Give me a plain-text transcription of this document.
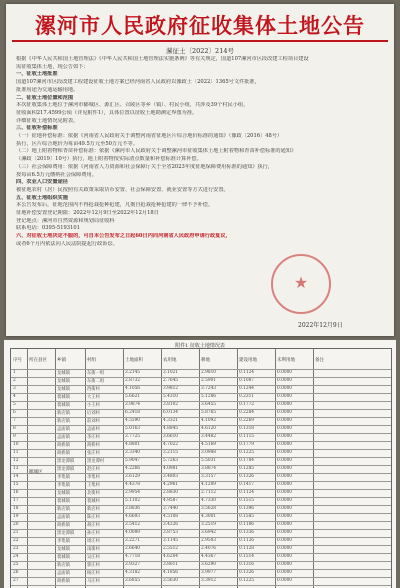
漯河市人民政府征收集体土地公告
漯征土〔2022〕214号

根据《中华人民共和国土地管理法》《中华人民共和国土地管理法实施条例》等有关规定，国道107漯河市区段改建工程项目建设

需征收集体土地，现公告如下：

一、征收土地批准

国道107漯河市区段改建工程建设征收土地方案已经河南省人民政府以豫政土〔2022〕1365号文件批准，

批准用途为交通运输用地。

二、征收土地位置和范围

本次征收集体土地位于漯河市郾城区、源汇区、召陵区等乡（镇）、村民小组，共涉及39个村民小组，

征收面积217.4599公顷（详见附件1），具体位置以征收土地勘测定界图为准。

详细征收土地情况见附表。

三、征收补偿标准

（一）征地补偿标准：依据《河南省人民政府关于调整河南省征地区片综合地价标准的通知》（豫政〔2016〕48号）

执行，区片综合地价为每亩49.5万元至50万元不等。

（二）地上附着物和青苗补偿标准：依据《漯河市人民政府关于调整漯河市征收集体土地上附着物和青苗补偿标准的通知》

（漯政〔2019〕10号）执行，地上附着物按实际清点数量和补偿标准计算补偿。

（三）社会保障费用：依据《河南省人力资源和社会保障厅关于全省2023年度征地保障费用标准的通知》执行，

按每亩6.5万元缴纳社会保障费用。

四、农业人口安置途径

被征地农村（居）民按照有关政策采取货币安置、社会保障安置、就业安置等方式进行安置。

五、征收土地组织实施

本公告发布后，征地范围内不得抢栽抢种抢建，凡擅自抢栽抢种抢建的一律不予补偿。

征地补偿安置登记期限：2022年12月9日至2022年12月18日

登记地点：漯河市自然资源和规划局征收科

联系电话：0395-5193101

六、对征收土地决定不服的，可自本公告发布之日起60日内向河南省人民政府申请行政复议，

或者6个月内依法向人民法院提起行政诉讼。

★
2022年12月9日
附件1 征收土地情况表
序号 所在县区 乡镇	村组	土地面积	农用地	耕地	建设用地	未利用地	备注
1	龙城镇	东街一组	3.2145	3.1021	2.9810	0.1124	0.0000
2	龙城镇	东街二组	2.8732	2.7645	2.5901	0.1087	0.0000
3	龙城镇	西街村	4.1056	3.9812	3.7243	0.1244	0.0000
4	裴城镇	大王村	5.6621	5.4310	5.1286	0.2311	0.0000
5	裴城镇	小王村	3.9874	3.8102	3.6455	0.1772	0.0000
6	新店镇	后刘村	6.2418	6.0134	5.8765	0.2284	0.0000
7	新店镇	前刘村	4.5590	4.3321	4.1092	0.2269	0.0000
8	孟庙镇	孟庙村	5.0163	4.8845	4.6120	0.1318	0.0000
9	孟庙镇	李庄村	3.7725	3.6610	3.4482	0.1115	0.0000
10	商桥镇	商桥村	4.8801	4.7022	4.5169	0.1779	0.0000
11	商桥镇	张庄村	3.3340	3.2115	3.0988	0.1225	0.0000
12	黑龙潭镇	黑龙潭村	5.9047	5.7263	5.5031	0.1784	0.0000
13	黑龙潭镇	赵庄村	4.2266	4.0981	3.8874	0.1285	0.0000
14	李集镇	李集村	3.6129	3.4803	3.3157	0.1326	0.0000
15	李集镇	王集村	4.4378	4.2961	4.1209	0.1417	0.0000
16	龙城镇	北街村	2.9954	2.8830	2.7112	0.1124	0.0000
17	裴城镇	裴城村	5.1102	4.9587	4.7330	0.1515	0.0000
18	新店镇	新店村	3.8836	3.7440	3.5628	0.1396	0.0000
19	孟庙镇	陈庄村	4.6693	4.5108	4.3001	0.1585	0.0000
20	商桥镇	胡庄村	3.5412	3.4226	3.2519	0.1186	0.0000
21	黑龙潭镇	孙庄村	4.0089	3.8753	3.6942	0.1336	0.0000
22	李集镇	周庄村	3.2271	3.1145	2.9503	0.1126	0.0000
23	龙城镇	南街村	2.6640	2.5512	2.4076	0.1128	0.0000
24	裴城镇	吴庄村	4.7718	4.6204	4.4367	0.1514	0.0000
25	新店镇	郭庄村	3.9327	3.8011	3.6290	0.1316	0.0000
26	孟庙镇	杨庄村	4.3182	4.1856	3.9977	0.1326	0.0000
27	商桥镇	马庄村	3.6855	3.5630	3.3912	0.1225	0.0000
郾城区
